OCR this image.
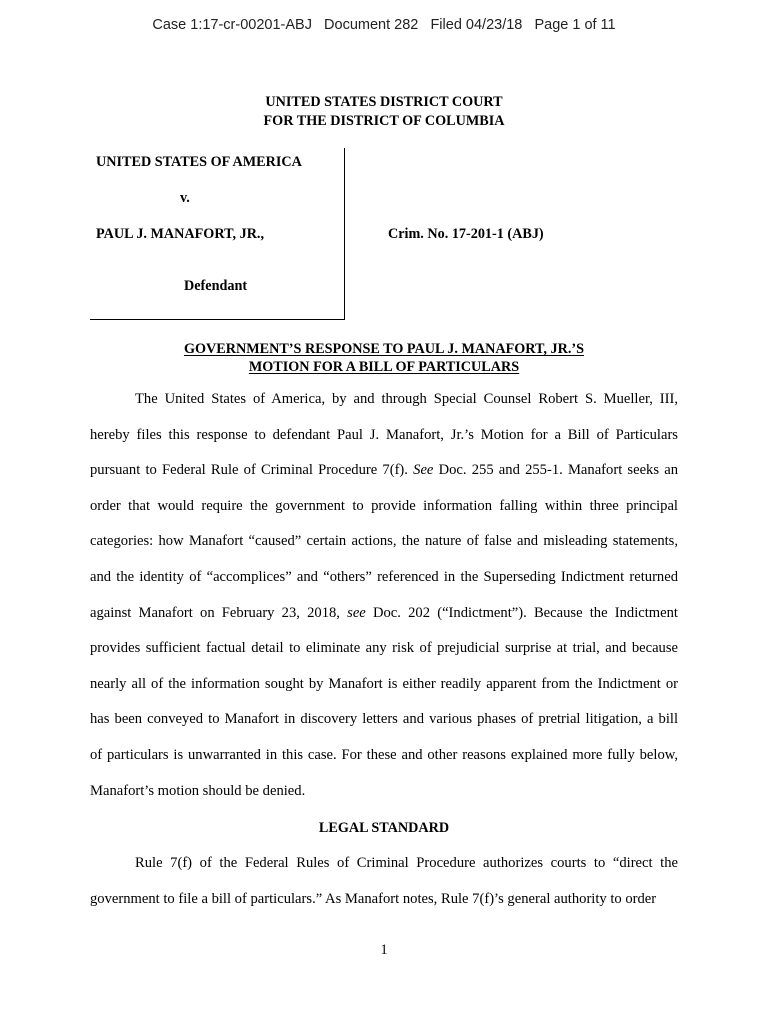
Case 1:17-cr-00201-ABJ Document 282 Filed 04/23/18 Page 1 of 11
UNITED STATES DISTRICT COURT
FOR THE DISTRICT OF COLUMBIA
UNITED STATES OF AMERICA
v.
PAUL J. MANAFORT, JR.,
Defendant
Crim. No. 17-201-1 (ABJ)
GOVERNMENT’S RESPONSE TO PAUL J. MANAFORT, JR.’S
MOTION FOR A BILL OF PARTICULARS
The United States of America, by and through Special Counsel Robert S. Mueller, III,
hereby files this response to defendant Paul J. Manafort, Jr.’s Motion for a Bill of Particulars
pursuant to Federal Rule of Criminal Procedure 7(f). See Doc. 255 and 255-1. Manafort seeks an
order that would require the government to provide information falling within three principal
categories: how Manafort “caused” certain actions, the nature of false and misleading statements,
and the identity of “accomplices” and “others” referenced in the Superseding Indictment returned
against Manafort on February 23, 2018, see Doc. 202 (“Indictment”). Because the Indictment
provides sufficient factual detail to eliminate any risk of prejudicial surprise at trial, and because
nearly all of the information sought by Manafort is either readily apparent from the Indictment or
has been conveyed to Manafort in discovery letters and various phases of pretrial litigation, a bill
of particulars is unwarranted in this case. For these and other reasons explained more fully below,
Manafort’s motion should be denied.
LEGAL STANDARD
Rule 7(f) of the Federal Rules of Criminal Procedure authorizes courts to “direct the
government to file a bill of particulars.” As Manafort notes, Rule 7(f)’s general authority to order
1
